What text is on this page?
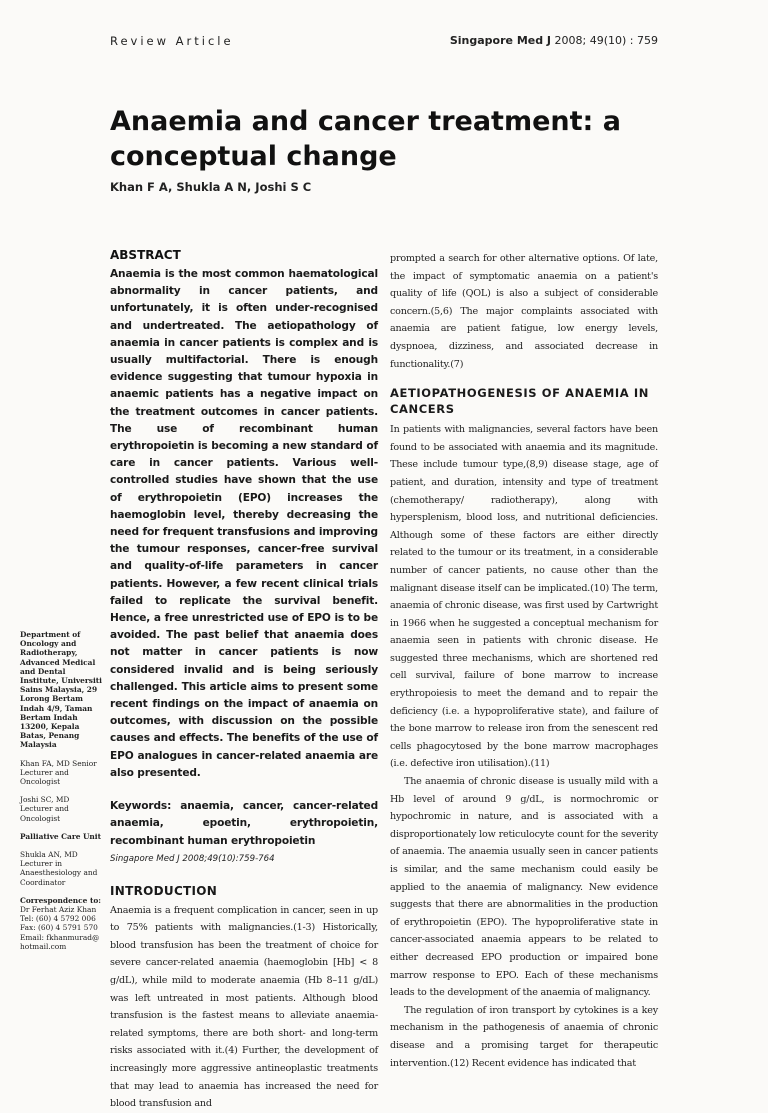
Review Article	Singapore Med J 2008; 49(10) : 759
Anaemia and cancer treatment: a conceptual change
Khan F A, Shukla A N, Joshi S C
ABSTRACT

Anaemia is the most common haematological abnormality in cancer patients, and unfortunately, it is often under-recognised and undertreated. The aetiopathology of anaemia in cancer patients is complex and is usually multifactorial. There is enough evidence suggesting that tumour hypoxia in anaemic patients has a negative impact on the treatment outcomes in cancer patients. The use of recombinant human erythropoietin is becoming a new standard of care in cancer patients. Various well-controlled studies have shown that the use of erythropoietin (EPO) increases the haemoglobin level, thereby decreasing the need for frequent transfusions and improving the tumour responses, cancer-free survival and quality-of-life parameters in cancer patients. However, a few recent clinical trials failed to replicate the survival benefit. Hence, a free unrestricted use of EPO is to be avoided. The past belief that anaemia does not matter in cancer patients is now considered invalid and is being seriously challenged. This article aims to present some recent findings on the impact of anaemia on outcomes, with discussion on the possible causes and effects. The benefits of the use of EPO analogues in cancer-related anaemia are also presented.

Keywords: anaemia, cancer, cancer-related anaemia, epoetin, erythropoietin, recombinant human erythropoietin

Singapore Med J 2008;49(10):759-764

INTRODUCTION

Anaemia is a frequent complication in cancer, seen in up to 75% patients with malignancies.(1-3) Historically, blood transfusion has been the treatment of choice for severe cancer-related anaemia (haemoglobin [Hb] < 8 g/dL), while mild to moderate anaemia (Hb 8–11 g/dL) was left untreated in most patients. Although blood transfusion is the fastest means to alleviate anaemia-related symptoms, there are both short- and long-term risks associated with it.(4) Further, the development of increasingly more aggressive antineoplastic treatments that may lead to anaemia has increased the need for blood transfusion and

prompted a search for other alternative options. Of late, the impact of symptomatic anaemia on a patient's quality of life (QOL) is also a subject of considerable concern.(5,6) The major complaints associated with anaemia are patient fatigue, low energy levels, dyspnoea, dizziness, and associated decrease in functionality.(7)

AETIOPATHOGENESIS OF ANAEMIA IN CANCERS

In patients with malignancies, several factors have been found to be associated with anaemia and its magnitude. These include tumour type,(8,9) disease stage, age of patient, and duration, intensity and type of treatment (chemotherapy/ radiotherapy), along with hypersplenism, blood loss, and nutritional deficiencies. Although some of these factors are either directly related to the tumour or its treatment, in a considerable number of cancer patients, no cause other than the malignant disease itself can be implicated.(10) The term, anaemia of chronic disease, was first used by Cartwright in 1966 when he suggested a conceptual mechanism for anaemia seen in patients with chronic disease. He suggested three mechanisms, which are shortened red cell survival, failure of bone marrow to increase erythropoiesis to meet the demand and to repair the deficiency (i.e. a hypoproliferative state), and failure of the bone marrow to release iron from the senescent red cells phagocytosed by the bone marrow macrophages (i.e. defective iron utilisation).(11)

The anaemia of chronic disease is usually mild with a Hb level of around 9 g/dL, is normochromic or hypochromic in nature, and is associated with a disproportionately low reticulocyte count for the severity of anaemia. The anaemia usually seen in cancer patients is similar, and the same mechanism could easily be applied to the anaemia of malignancy. New evidence suggests that there are abnormalities in the production of erythropoietin (EPO). The hypoproliferative state in cancer-associated anaemia appears to be related to either decreased EPO production or impaired bone marrow response to EPO. Each of these mechanisms leads to the development of the anaemia of malignancy.

The regulation of iron transport by cytokines is a key mechanism in the pathogenesis of anaemia of chronic disease and a promising target for therapeutic intervention.(12) Recent evidence has indicated that

Department of Oncology and Radiotherapy, Advanced Medical and Dental Institute, Universiti Sains Malaysia, 29 Lorong Bertam Indah 4/9, Taman Bertam Indah 13200, Kepala Batas, Penang Malaysia

Khan FA, MD Senior Lecturer and Oncologist

Joshi SC, MD Lecturer and Oncologist

Palliative Care Unit

Shukla AN, MD Lecturer in Anaesthesiology and Coordinator

Correspondence to:

Dr Ferhat Aziz Khan Tel: (60) 4 5792 006 Fax: (60) 4 5791 570 Email: fkhanmurad@ hotmail.com
